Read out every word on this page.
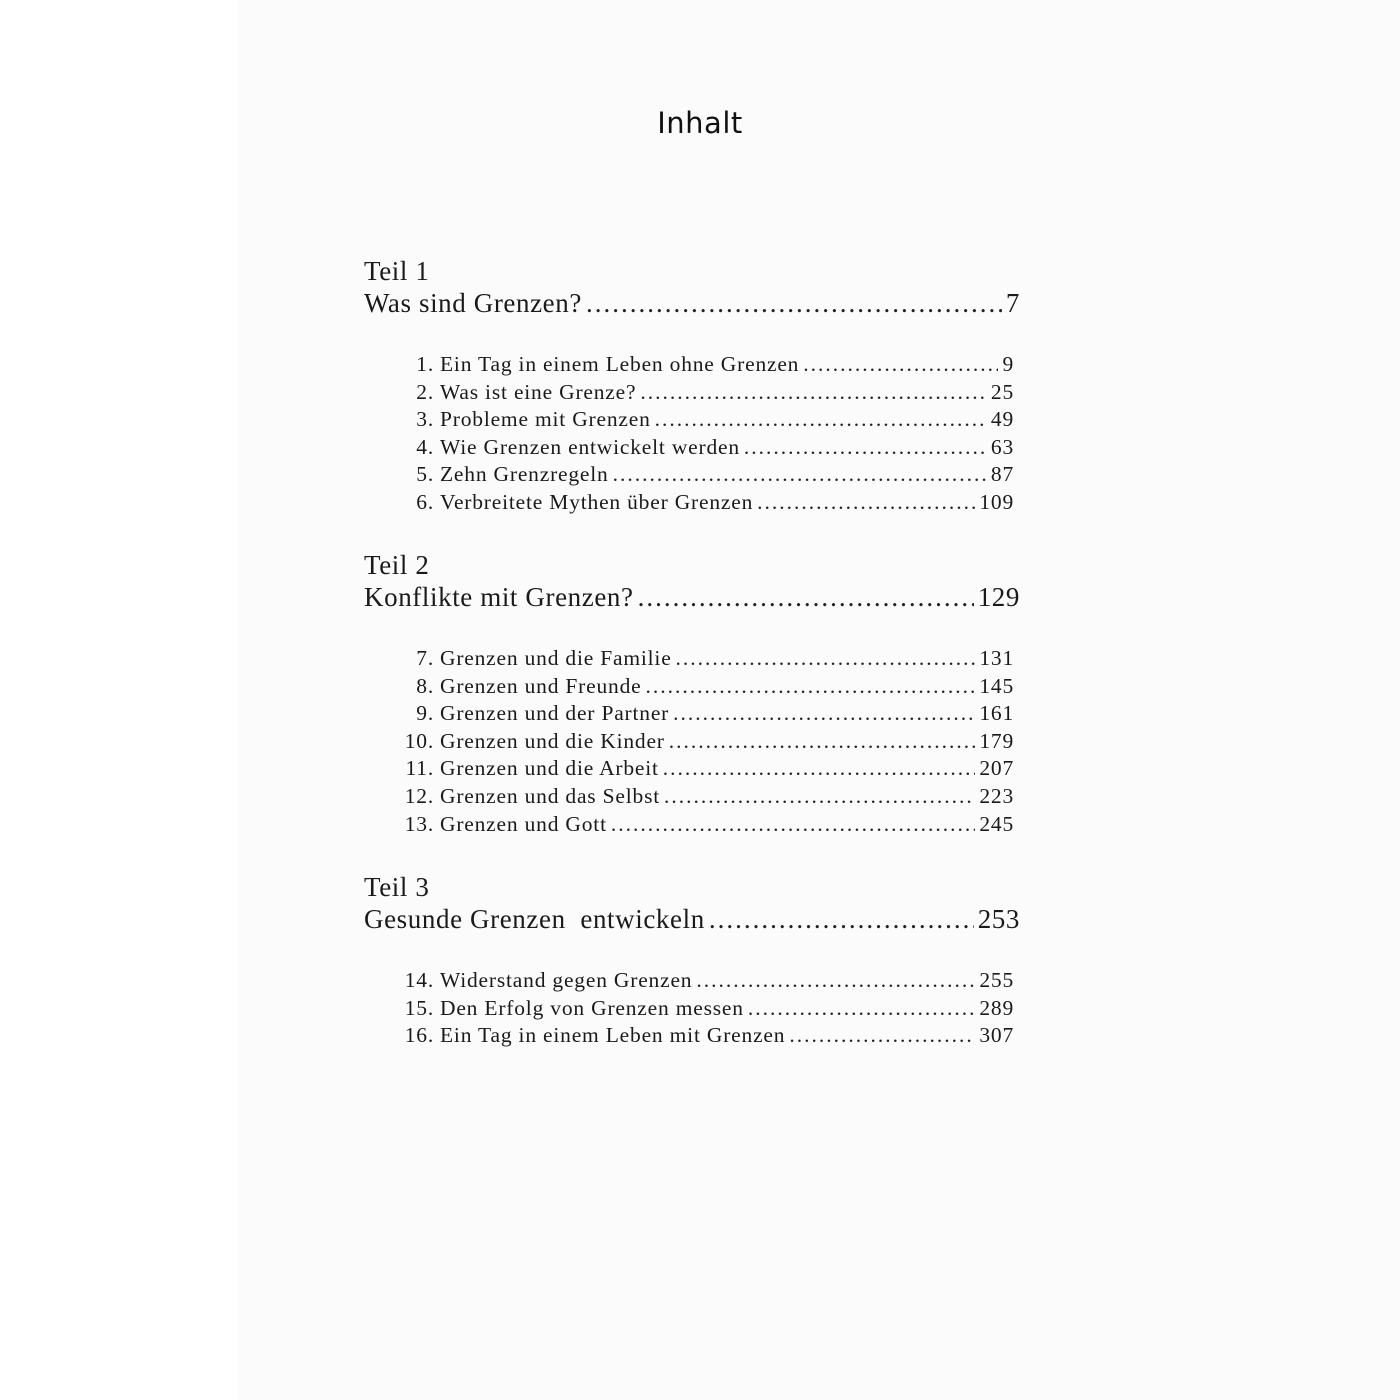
Inhalt
Teil 1
Was sind Grenzen? .....	7
1. Ein Tag in einem Leben ohne Grenzen .....	9
2. Was ist eine Grenze? .....	25
3. Probleme mit Grenzen .....	49
4. Wie Grenzen entwickelt werden .....	63
5. Zehn Grenzregeln .....	87
6. Verbreitete Mythen über Grenzen .....	109
Teil 2
Konflikte mit Grenzen? .....	129
7. Grenzen und die Familie .....	131
8. Grenzen und Freunde .....	145
9. Grenzen und der Partner .....	161
10. Grenzen und die Kinder .....	179
11. Grenzen und die Arbeit .....	207
12. Grenzen und das Selbst .....	223
13. Grenzen und Gott .....	245
Teil 3
Gesunde Grenzen  entwickeln .....	253
14. Widerstand gegen Grenzen .....	255
15. Den Erfolg von Grenzen messen .....	289
16. Ein Tag in einem Leben mit Grenzen .....	307
